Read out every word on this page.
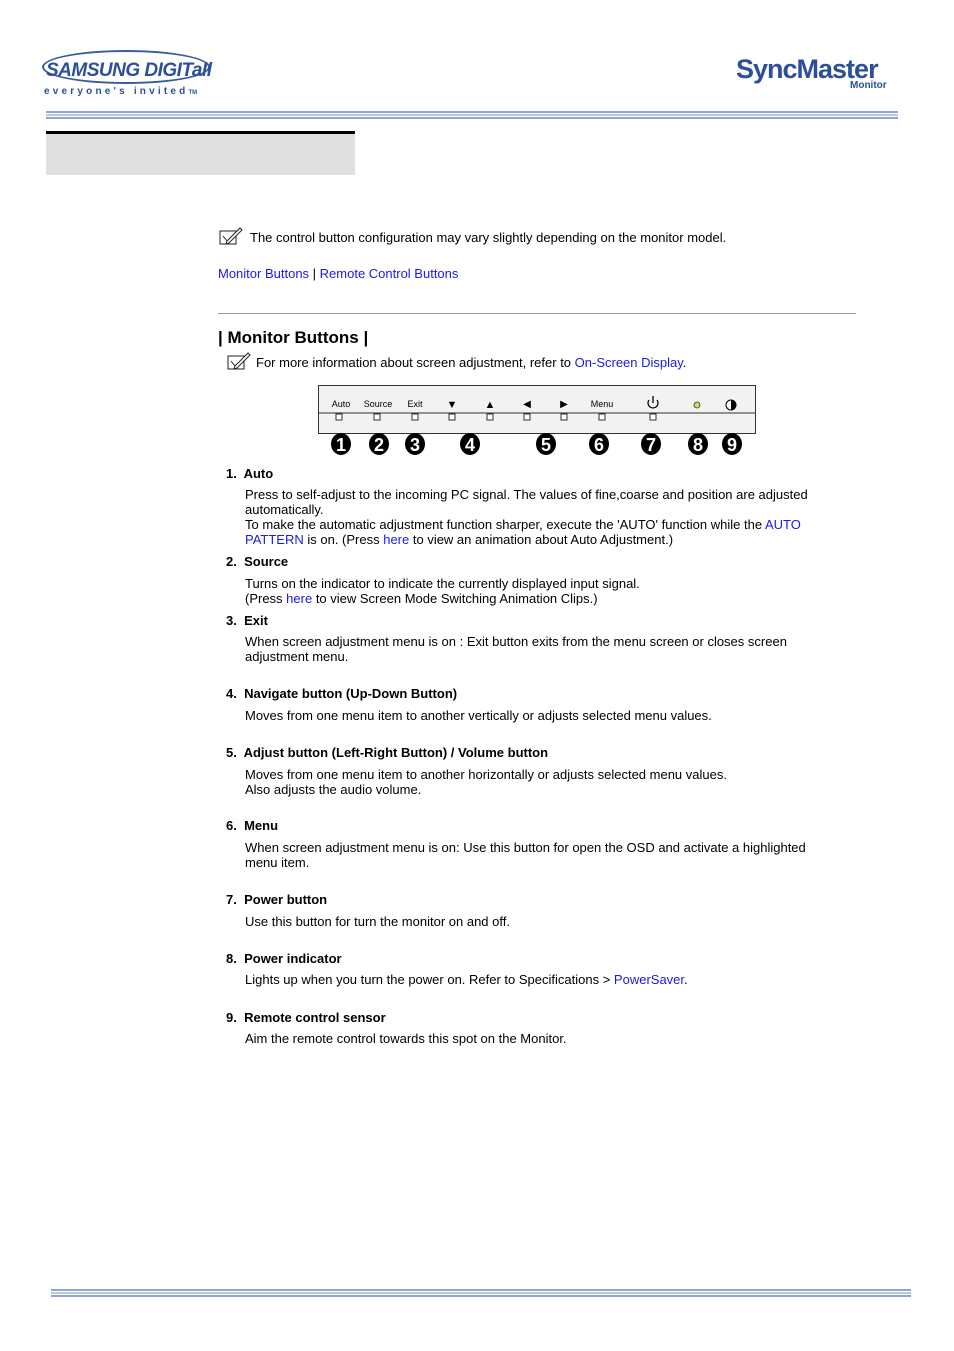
SAMSUNG DIGITall
everyone's invitedTM
SyncMaster
Monitor
The control button configuration may vary slightly depending on the monitor model.
Monitor Buttons | Remote Control Buttons
| Monitor Buttons |
For more information about screen adjustment, refer to On-Screen Display.
Auto Source Exit ▼ ▲	◀	▶	Menu
1 2 3 4	5 6 7 8 9
1. Auto
Press to self-adjust to the incoming PC signal. The values of fine,coarse and position are adjusted
automatically.
To make the automatic adjustment function sharper, execute the 'AUTO' function while the AUTO
PATTERN is on. (Press here to view an animation about Auto Adjustment.)
2. Source
Turns on the indicator to indicate the currently displayed input signal.
(Press here to view Screen Mode Switching Animation Clips.)
3. Exit
When screen adjustment menu is on : Exit button exits from the menu screen or closes screen
adjustment menu.
4. Navigate button (Up-Down Button)
Moves from one menu item to another vertically or adjusts selected menu values.
5. Adjust button (Left-Right Button) / Volume button
Moves from one menu item to another horizontally or adjusts selected menu values.
Also adjusts the audio volume.
6. Menu
When screen adjustment menu is on: Use this button for open the OSD and activate a highlighted
menu item.
7. Power button
Use this button for turn the monitor on and off.
8. Power indicator
Lights up when you turn the power on. Refer to Specifications > PowerSaver.
9. Remote control sensor
Aim the remote control towards this spot on the Monitor.
